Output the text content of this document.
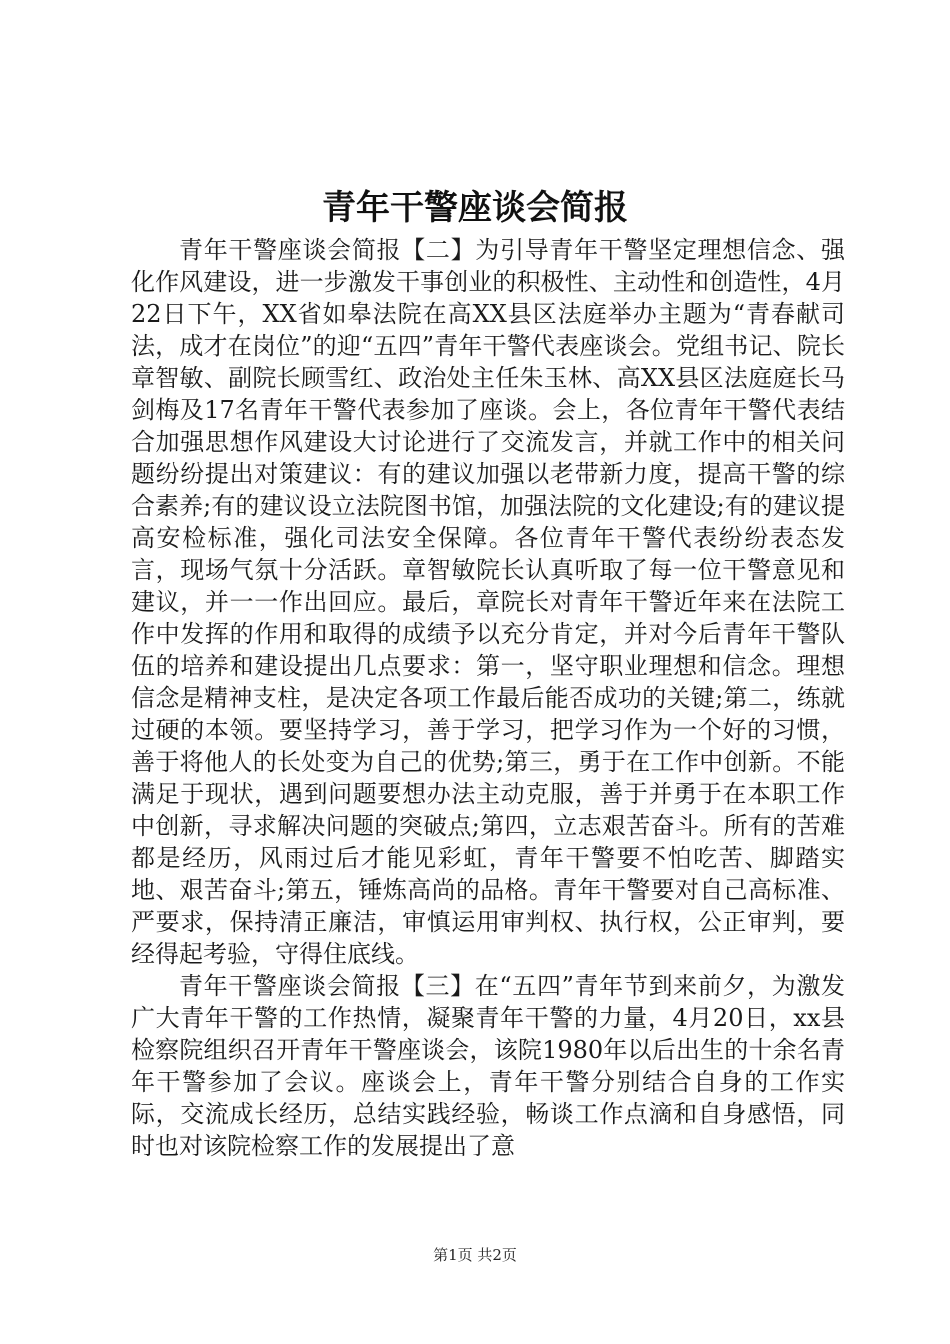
青年干警座谈会简报

青年干警座谈会简报【二】为引导青年干警坚定理想信念、强化作风建设，进一步激发干事创业的积极性、主动性和创造性，4月22日下午，XX省如皋法院在高XX县区法庭举办主题为“青春献司法，成才在岗位”的迎“五四”青年干警代表座谈会。党组书记、院长章智敏、副院长顾雪红、政治处主任朱玉林、高XX县区法庭庭长马剑梅及17名青年干警代表参加了座谈。会上，各位青年干警代表结合加强思想作风建设大讨论进行了交流发言，并就工作中的相关问题纷纷提出对策建议：有的建议加强以老带新力度，提高干警的综合素养;有的建议设立法院图书馆，加强法院的文化建设;有的建议提高安检标准，强化司法安全保障。各位青年干警代表纷纷表态发言，现场气氛十分活跃。章智敏院长认真听取了每一位干警意见和建议，并一一作出回应。最后，章院长对青年干警近年来在法院工作中发挥的作用和取得的成绩予以充分肯定，并对今后青年干警队伍的培养和建设提出几点要求：第一，坚守职业理想和信念。理想信念是精神支柱，是决定各项工作最后能否成功的关键;第二，练就过硬的本领。要坚持学习，善于学习，把学习作为一个好的习惯，善于将他人的长处变为自己的优势;第三，勇于在工作中创新。不能满足于现状，遇到问题要想办法主动克服，善于并勇于在本职工作中创新，寻求解决问题的突破点;第四，立志艰苦奋斗。所有的苦难都是经历，风雨过后才能见彩虹，青年干警要不怕吃苦、脚踏实地、艰苦奋斗;第五，锤炼高尚的品格。青年干警要对自己高标准、严要求，保持清正廉洁，审慎运用审判权、执行权，公正审判，要经得起考验，守得住底线。

青年干警座谈会简报【三】在“五四”青年节到来前夕，为激发广大青年干警的工作热情，凝聚青年干警的力量，4月20日，xx县检察院组织召开青年干警座谈会，该院1980年以后出生的十余名青年干警参加了会议。座谈会上，青年干警分别结合自身的工作实际，交流成长经历，总结实践经验，畅谈工作点滴和自身感悟，同时也对该院检察工作的发展提出了意

第1页 共2页
